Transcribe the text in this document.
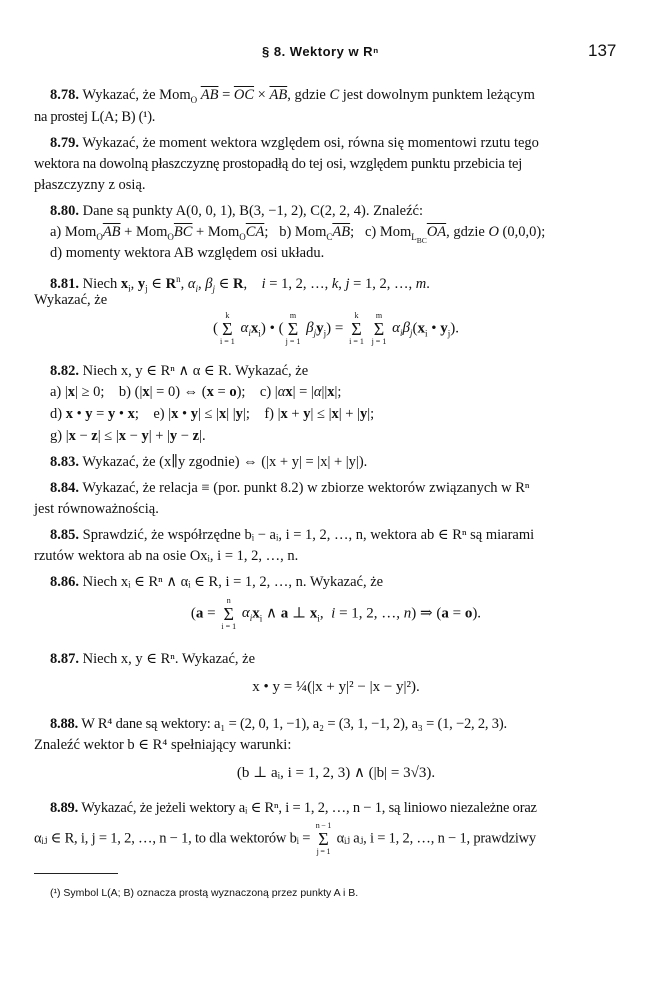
§ 8. Wektory w Rⁿ	137
8.78. Wykazać, że Mom$_O$ $\overline{AB} = \overline{OC} \times \overline{AB}$, gdzie C jest dowolnym punktem leżącym
na prostej L(A; B) (¹).
8.79. Wykazać, że moment wektora względem osi, równa się momentowi rzutu tego
wektora na dowolną płaszczyznę prostopadłą do tej osi, względem punktu przebicia tej
płaszczyzny z osią.
8.80. Dane są punkty A(0, 0, 1), B(3, −1, 2), C(2, 2, 4). Znaleźć:
a) $Mom_O\overline{AB} + Mom_O\overline{BC} + Mom_O\overline{CA}$;   b) $Mom_C\overline{AB}$;   c) $Mom_{L_{BC}}\overline{OA}$, gdzie O (0,0,0);
d) momenty wektora AB względem osi układu.
8.81. Niech $x_i$, $y_j$ ∈ $R^n$, $\alpha_i$, $\beta_j$ ∈ R,    i = 1, 2, …, k, j = 1, 2, …, m.
Wykazać, że
(
k
Σ
i = 1
$\alpha_ix_i$) • (
m
Σ
j = 1
$\beta_jy_j$) =
k
Σ
i = 1

m
Σ
j = 1
$\alpha_i\beta_j(x_i$ • $y_j$).
8.82. Niech x, y ∈ Rⁿ ∧ α ∈ R. Wykazać, że
a) |x| ≥ 0;    b) (|x| = 0) ⇔ (x = o);    c) |αx| = |α||x|;
d) x • y = y • x;    e) |x • y| ≤ |x| |y|;    f) |x + y| ≤ |x| + |y|;
g) |x − z| ≤ |x − y| + |y − z|.
8.83. Wykazać, że (x∥y zgodnie) ⇔ (|x + y| = |x| + |y|).
8.84. Wykazać, że relacja ≡ (por. punkt 8.2) w zbiorze wektorów związanych w Rⁿ
jest równoważnością.
8.85. Sprawdzić, że współrzędne bᵢ − aᵢ, i = 1, 2, …, n, wektora ab ∈ Rⁿ są miarami
rzutów wektora ab na osie Oxᵢ, i = 1, 2, …, n.
8.86. Niech xᵢ ∈ Rⁿ ∧ αᵢ ∈ R, i = 1, 2, …, n. Wykazać, że
(a =
n
Σ
i = 1
$\alpha_ix_i$ ∧ a ⊥ $x_i$,  i = 1, 2, …, n) ⇒ (a = o).
8.87. Niech x, y ∈ Rⁿ. Wykazać, że
x • y = ¼(|x + y|² − |x − y|²).
8.88. W R⁴ dane są wektory: a₁ = (2, 0, 1, −1), a₂ = (3, 1, −1, 2), a₃ = (1, −2, 2, 3).
Znaleźć wektor b ∈ R⁴ spełniający warunki:
(b ⊥ aᵢ, i = 1, 2, 3) ∧ (|b| = 3√3).
8.89. Wykazać, że jeżeli wektory aᵢ ∈ Rⁿ, i = 1, 2, …, n − 1, są liniowo niezależne oraz
αᵢⱼ ∈ R, i, j = 1, 2, …, n − 1, to dla wektorów bᵢ =
n − 1
Σ
j = 1
αᵢⱼ aⱼ, i = 1, 2, …, n − 1, prawdziwy
(¹) Symbol L(A; B) oznacza prostą wyznaczoną przez punkty A i B.
